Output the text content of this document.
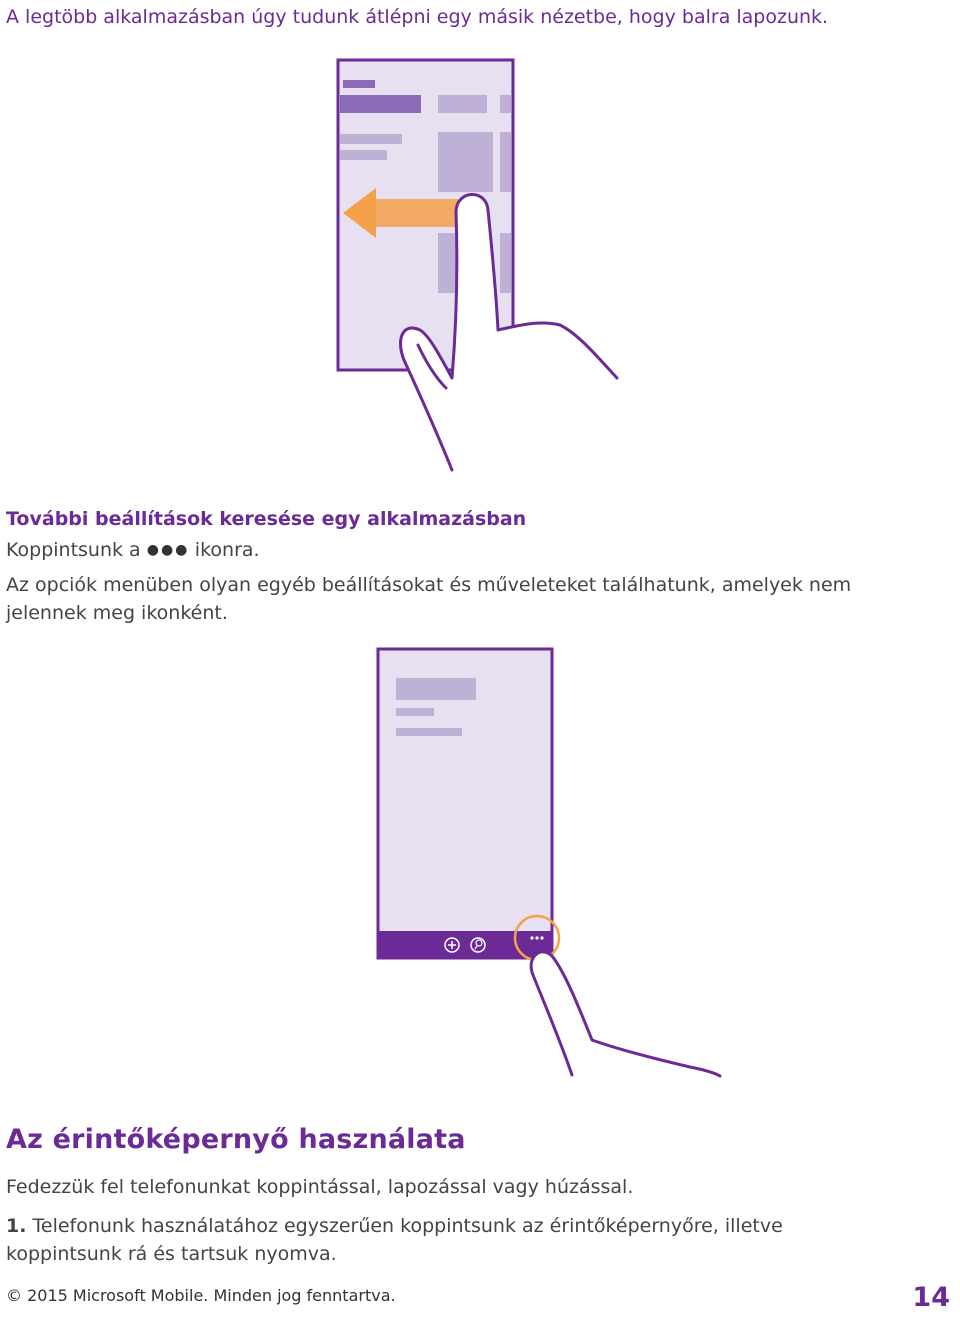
A legtöbb alkalmazásban úgy tudunk átlépni egy másik nézetbe, hogy balra lapozunk.

További beállítások keresése egy alkalmazásban

Koppintsunk a ●●● ikonra.

Az opciók menüben olyan egyéb beállításokat és műveleteket találhatunk, amelyek nem
jelennek meg ikonként.
Az érintőképernyő használata

Fedezzük fel telefonunkat koppintással, lapozással vagy húzással.

1. Telefonunk használatához egyszerűen koppintsunk az érintőképernyőre, illetve
koppintsunk rá és tartsuk nyomva.
© 2015 Microsoft Mobile. Minden jog fenntartva.	14
